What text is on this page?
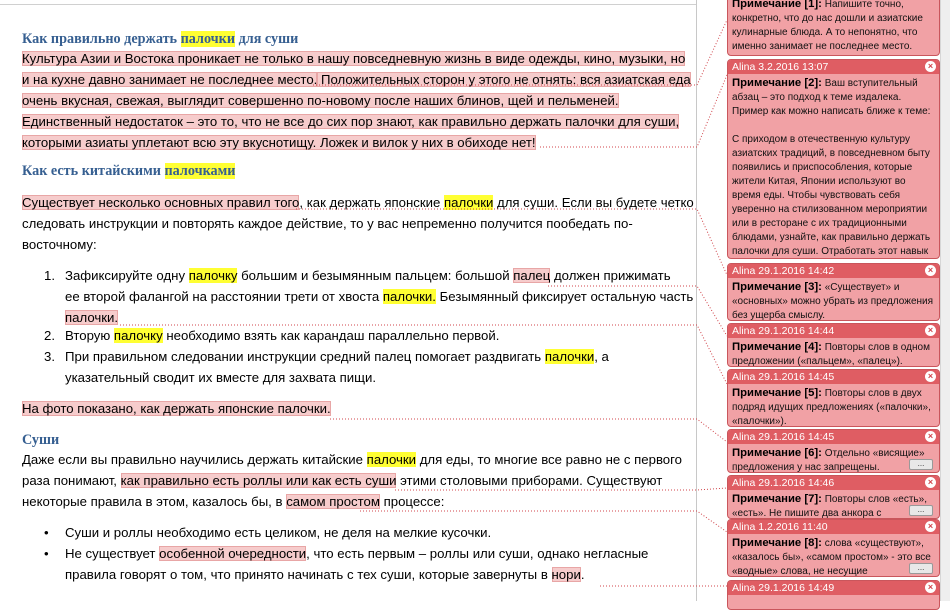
Как правильно держать палочки для суши
Культура Азии и Востока проникает не только в нашу повседневную жизнь в виде одежды, кино, музыки, но
и на кухне давно занимает не последнее место. Положительных сторон у этого не отнять: вся азиатская еда
очень вкусная, свежая, выглядит совершенно по-новому после наших блинов, щей и пельменей.
Единственный недостаток – это то, что не все до сих пор знают, как правильно держать палочки для суши,
которыми азиаты уплетают всю эту вкуснотищу. Ложек и вилок у них в обиходе нет!
Как есть китайскими палочками
Существует несколько основных правил того, как держать японские палочки для суши. Если вы будете четко
следовать инструкции и повторять каждое действие, то у вас непременно получится пообедать по-
восточному:
1. Зафиксируйте одну палочку большим и безымянным пальцем: большой палец должен прижимать
ее второй фалангой на расстоянии трети от хвоста палочки. Безымянный фиксирует остальную часть
палочки.
2. Вторую палочку необходимо взять как карандаш параллельно первой.
3. При правильном следовании инструкции средний палец помогает раздвигать палочки, а
указательный сводит их вместе для захвата пищи.
На фото показано, как держать японские палочки.
Суши
Даже если вы правильно научились держать китайские палочки для еды, то многие все равно не с первого
раза понимают, как правильно есть роллы или как есть суши этими столовыми приборами. Существуют
некоторые правила в этом, казалось бы, в самом простом процессе:
• Суши и роллы необходимо есть целиком, не деля на мелкие кусочки.
• Не существует особенной очередности, что есть первым – роллы или суши, однако негласные
правила говорят о том, что принято начинать с тех суши, которые завернуты в нори.
Примечание [1]: Напишите точно, конкретно, что до нас дошли и азиатские кулинарные блюда. А то непонятно, что именно занимает не последнее место.
Alina 3.2.2016 13:07	×
Примечание [2]: Ваш вступительный абзац – это подход к теме издалека. Пример как можно написать ближе к теме:

С приходом в отечественную культуру азиатских традиций, в повседневном быту появились и приспособления, которые жители Китая, Японии используют во время еды. Чтобы чувствовать себя уверенно на стилизованном мероприятии или в ресторане с их традиционными блюдами, узнайте, как правильно держать палочки для суши. Отработать этот навык
Alina 29.1.2016 14:42	×
Примечание [3]: «Существует» и «основных» можно убрать из предложения без ущерба смыслу.
Alina 29.1.2016 14:44	×
Примечание [4]: Повторы слов в одном предложении («пальцем», «палец»).
Alina 29.1.2016 14:45	×
Примечание [5]: Повторы слов в двух подряд идущих предложениях («палочки», «палочки»).
Alina 29.1.2016 14:45	×
Примечание [6]: Отдельно «висящие» предложения у нас запрещены.	...
Alina 29.1.2016 14:46	×
Примечание [7]: Повторы слов «есть», «есть». Не пишите два анкора с	...
Alina 1.2.2016 11:40	×
Примечание [8]: слова «существуют», «казалось бы», «самом простом» - это все «водные» слова, не несущие	...
Alina 29.1.2016 14:49	×
